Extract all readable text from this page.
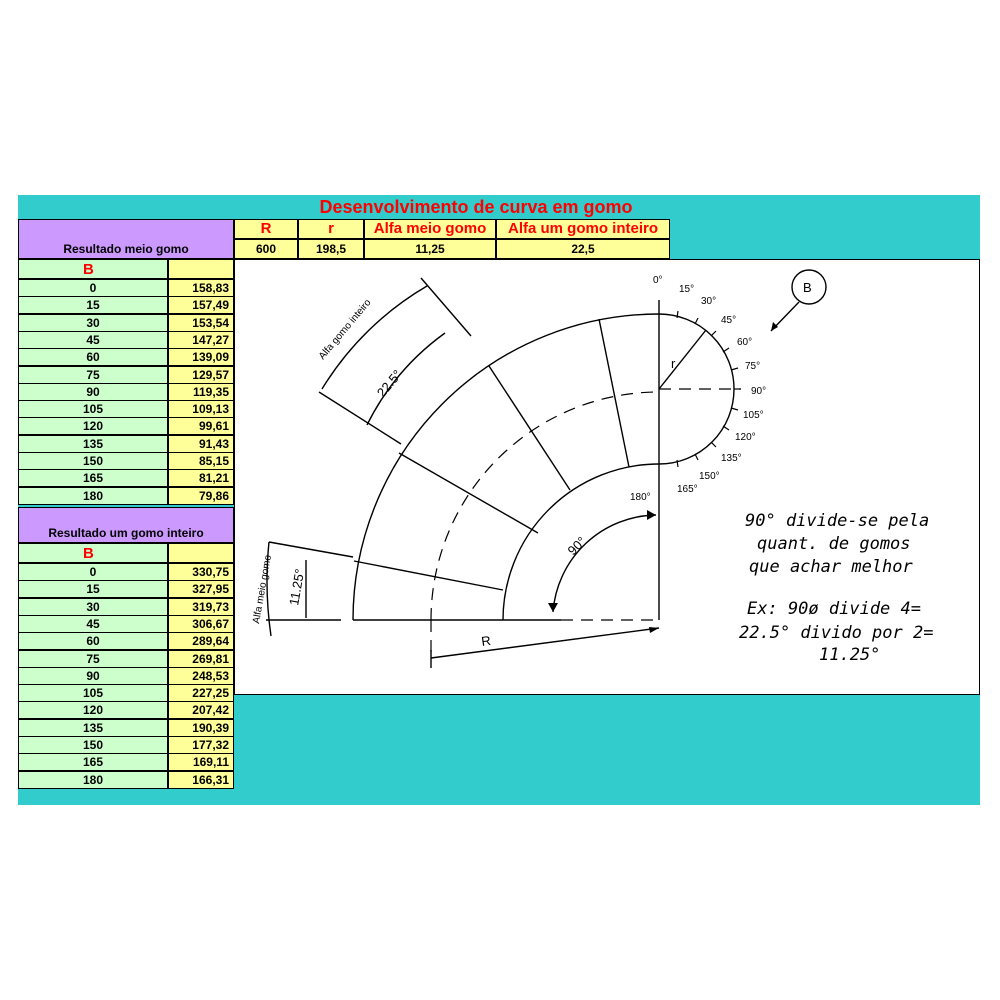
Desenvolvimento de curva em gomo
Resultado meio gomo
R	r	Alfa meio gomo	Alfa um gomo inteiro
600	198,5	11,25	22,5
B
0	158,83
15	157,49
30	153,54
45	147,27
60	139,09
75	129,57
90	119,35
105	109,13
120	99,61
135	91,43
150	85,15
165	81,21
180	79,86
Resultado um gomo inteiro
B
0	330,75
15	327,95
30	319,73
45	306,67
60	289,64
75	269,81
90	248,53
105	227,25
120	207,42
135	190,39
150	177,32
165	169,11
180	166,31
0°
15°
30°
45°
60°
75°
90°
105°
120°
135°
150°
165°
180°
B
r
R
Alfa gomo inteiro
22.5°
Alfa meio gomo 11.25°
90°
90° divide-se pela
quant. de gomos
que achar melhor
Ex: 90ø divide 4=
22.5° divido por 2=
11.25°
